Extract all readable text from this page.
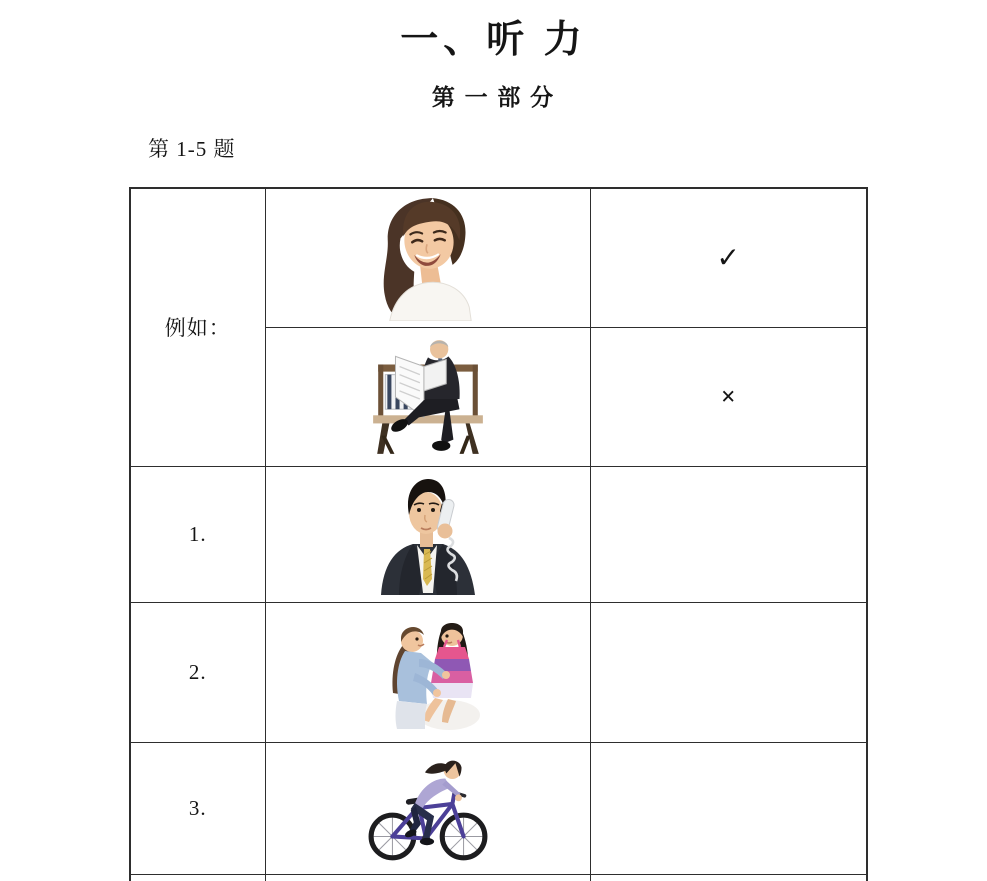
一、听 力
第 一 部 分
第 1-5 题
例如：		✓

	×
1.	

2.	

3.	
